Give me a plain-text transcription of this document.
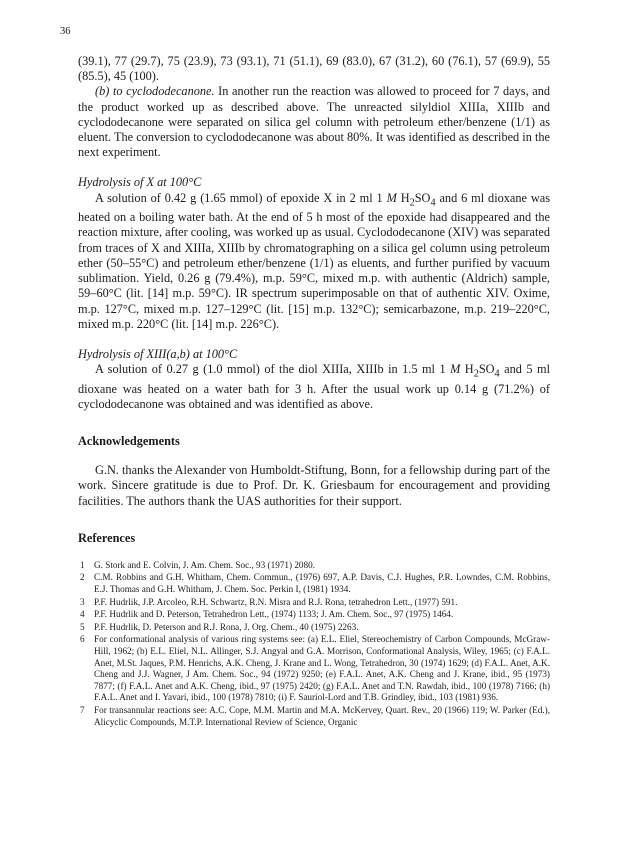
36

(39.1), 77 (29.7), 75 (23.9), 73 (93.1), 71 (51.1), 69 (83.0), 67 (31.2), 60 (76.1), 57 (69.9), 55 (85.5), 45 (100).

(b) to cyclododecanone. In another run the reaction was allowed to proceed for 7 days, and the product worked up as described above. The unreacted silyldiol XIIIa, XIIIb and cyclododecanone were separated on silica gel column with petroleum ether/benzene (1/1) as eluent. The conversion to cyclododecanone was about 80%. It was identified as described in the next experiment.

Hydrolysis of X at 100°C

A solution of 0.42 g (1.65 mmol) of epoxide X in 2 ml 1 M $H_2SO_4$ and 6 ml dioxane was heated on a boiling water bath. At the end of 5 h most of the epoxide had disappeared and the reaction mixture, after cooling, was worked up as usual. Cyclododecanone (XIV) was separated from traces of X and XIIIa, XIIIb by chromatographing on a silica gel column using petroleum ether (50–55°C) and petroleum ether/benzene (1/1) as eluents, and further purified by vacuum sublimation. Yield, 0.26 g (79.4%), m.p. 59°C, mixed m.p. with authentic (Aldrich) sample, 59–60°C (lit. [14] m.p. 59°C). IR spectrum superimposable on that of authentic XIV. Oxime, m.p. 127°C, mixed m.p. 127–129°C (lit. [15] m.p. 132°C); semicarbazone, m.p. 219–220°C, mixed m.p. 220°C (lit. [14] m.p. 226°C).

Hydrolysis of XIII(a,b) at 100°C

A solution of 0.27 g (1.0 mmol) of the diol XIIIa, XIIIb in 1.5 ml 1 M $H_2SO_4$ and 5 ml dioxane was heated on a water bath for 3 h. After the usual work up 0.14 g (71.2%) of cyclododecanone was obtained and was identified as above.

Acknowledgements

G.N. thanks the Alexander von Humboldt-Stiftung, Bonn, for a fellowship during part of the work. Sincere gratitude is due to Prof. Dr. K. Griesbaum for encouragement and providing facilities. The authors thank the UAS authorities for their support.

References
1 G. Stork and E. Colvin, J. Am. Chem. Soc., 93 (1971) 2080.
2 C.M. Robbins and G.H. Whitham, Chem. Commun., (1976) 697, A.P. Davis, C.J. Hughes, P.R. Lowndes, C.M. Robbins, E.J. Thomas and G.H. Whitham, J. Chem. Soc. Perkin I, (1981) 1934.
3 P.F. Hudrlik, J.P. Arcoleo, R.H. Schwartz, R.N. Misra and R.J. Rona, tetrahedron Lett., (1977) 591.
4 P.F. Hudrlik and D. Peterson, Tetrahedron Lett., (1974) 1133; J. Am. Chem. Soc., 97 (1975) 1464.
5 P.F. Hudrlik, D. Peterson and R.J. Rona, J. Org. Chem., 40 (1975) 2263.
6 For conformational analysis of various ring systems see: (a) E.L. Eliel, Stereochemistry of Carbon Compounds, McGraw-Hill, 1962; (b) E.L. Eliel, N.L. Allinger, S.J. Angyal and G.A. Morrison, Conformational Analysis, Wiley, 1965; (c) F.A.L. Anet, M.St. Jaques, P.M. Henrichs, A.K. Cheng, J. Krane and L. Wong, Tetrahedron, 30 (1974) 1629; (d) F.A.L. Anet, A.K. Cheng and J.J. Wagner, J Am. Chem. Soc., 94 (1972) 9250; (e) F.A.L. Anet, A.K. Cheng and J. Krane, ibid., 95 (1973) 7877; (f) F.A.L. Anet and A.K. Cheng, ibid., 97 (1975) 2420; (g) F.A.L. Anet and T.N. Rawdah, ibid., 100 (1978) 7166; (h) F.A.L. Anet and I. Yavari, ibid., 100 (1978) 7810; (i) F. Sauriol-Lord and T.B. Grindley, ibid., 103 (1981) 936.
7 For transannular reactions see: A.C. Cope, M.M. Martin and M.A. McKervey, Quart. Rev., 20 (1966) 119; W. Parker (Ed.), Alicyclic Compounds, M.T.P. International Review of Science, Organic
